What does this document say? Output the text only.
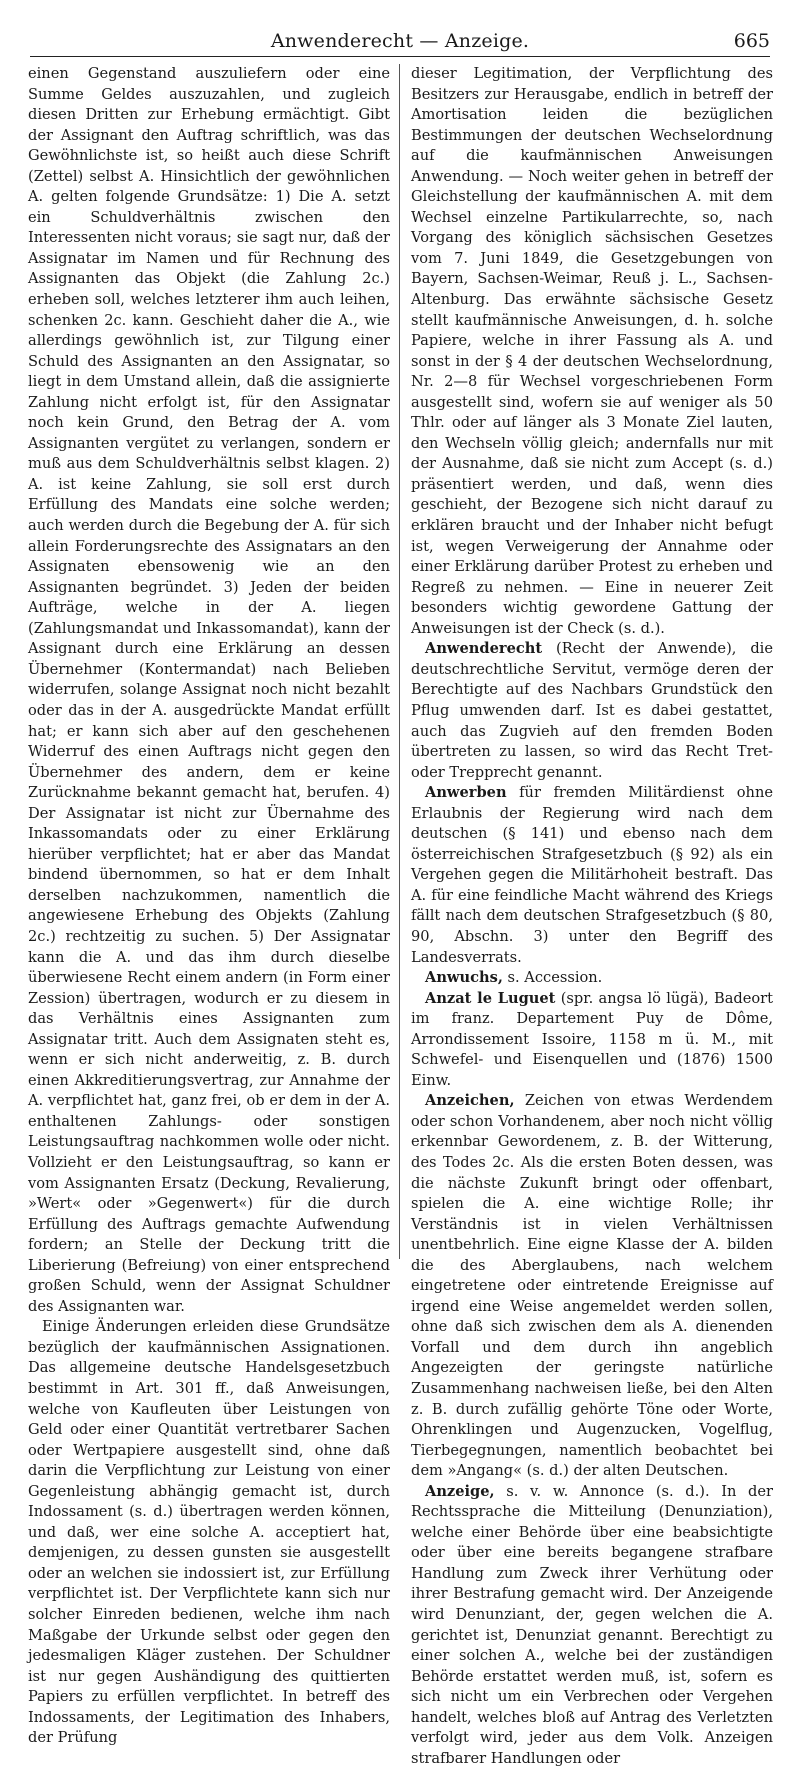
Anwenderecht — Anzeige.	665

einen Gegenstand auszuliefern oder eine Summe Geldes auszuzahlen, und zugleich diesen Dritten zur Erhebung ermächtigt. Gibt der Assignant den Auftrag schriftlich, was das Gewöhnlichste ist, so heißt auch diese Schrift (Zettel) selbst A. Hinsichtlich der gewöhnlichen A. gelten folgende Grundsätze: 1) Die A. setzt ein Schuldverhältnis zwischen den Interessenten nicht voraus; sie sagt nur, daß der Assignatar im Namen und für Rechnung des Assignanten das Objekt (die Zahlung 2c.) erheben soll, welches letzterer ihm auch leihen, schenken 2c. kann. Geschieht daher die A., wie allerdings gewöhnlich ist, zur Tilgung einer Schuld des Assignanten an den Assignatar, so liegt in dem Umstand allein, daß die assignierte Zahlung nicht erfolgt ist, für den Assignatar noch kein Grund, den Betrag der A. vom Assignanten vergütet zu verlangen, sondern er muß aus dem Schuldverhältnis selbst klagen. 2) A. ist keine Zahlung, sie soll erst durch Erfüllung des Mandats eine solche werden; auch werden durch die Begebung der A. für sich allein Forderungsrechte des Assignatars an den Assignaten ebensowenig wie an den Assignanten begründet. 3) Jeden der beiden Aufträge, welche in der A. liegen (Zahlungsmandat und Inkassomandat), kann der Assignant durch eine Erklärung an dessen Übernehmer (Kontermandat) nach Belieben widerrufen, solange Assignat noch nicht bezahlt oder das in der A. ausgedrückte Mandat erfüllt hat; er kann sich aber auf den geschehenen Widerruf des einen Auftrags nicht gegen den Übernehmer des andern, dem er keine Zurücknahme bekannt gemacht hat, berufen. 4) Der Assignatar ist nicht zur Übernahme des Inkassomandats oder zu einer Erklärung hierüber verpflichtet; hat er aber das Mandat bindend übernommen, so hat er dem Inhalt derselben nachzukommen, namentlich die angewiesene Erhebung des Objekts (Zahlung 2c.) rechtzeitig zu suchen. 5) Der Assignatar kann die A. und das ihm durch dieselbe überwiesene Recht einem andern (in Form einer Zession) übertragen, wodurch er zu diesem in das Verhältnis eines Assignanten zum Assignatar tritt. Auch dem Assignaten steht es, wenn er sich nicht anderweitig, z. B. durch einen Akkreditierungsvertrag, zur Annahme der A. verpflichtet hat, ganz frei, ob er dem in der A. enthaltenen Zahlungs- oder sonstigen Leistungsauftrag nachkommen wolle oder nicht. Vollzieht er den Leistungsauftrag, so kann er vom Assignanten Ersatz (Deckung, Revalierung, »Wert« oder »Gegenwert«) für die durch Erfüllung des Auftrags gemachte Aufwendung fordern; an Stelle der Deckung tritt die Liberierung (Befreiung) von einer entsprechend großen Schuld, wenn der Assignat Schuldner des Assignanten war.

Einige Änderungen erleiden diese Grundsätze bezüglich der kaufmännischen Assignationen. Das allgemeine deutsche Handelsgesetzbuch bestimmt in Art. 301 ff., daß Anweisungen, welche von Kaufleuten über Leistungen von Geld oder einer Quantität vertretbarer Sachen oder Wertpapiere ausgestellt sind, ohne daß darin die Verpflichtung zur Leistung von einer Gegenleistung abhängig gemacht ist, durch Indossament (s. d.) übertragen werden können, und daß, wer eine solche A. acceptiert hat, demjenigen, zu dessen gunsten sie ausgestellt oder an welchen sie indossiert ist, zur Erfüllung verpflichtet ist. Der Verpflichtete kann sich nur solcher Einreden bedienen, welche ihm nach Maßgabe der Urkunde selbst oder gegen den jedesmaligen Kläger zustehen. Der Schuldner ist nur gegen Aushändigung des quittierten Papiers zu erfüllen verpflichtet. In betreff des Indossaments, der Legitimation des Inhabers, der Prüfung

dieser Legitimation, der Verpflichtung des Besitzers zur Herausgabe, endlich in betreff der Amortisation leiden die bezüglichen Bestimmungen der deutschen Wechselordnung auf die kaufmännischen Anweisungen Anwendung. — Noch weiter gehen in betreff der Gleichstellung der kaufmännischen A. mit dem Wechsel einzelne Partikularrechte, so, nach Vorgang des königlich sächsischen Gesetzes vom 7. Juni 1849, die Gesetzgebungen von Bayern, Sachsen-Weimar, Reuß j. L., Sachsen-Altenburg. Das erwähnte sächsische Gesetz stellt kaufmännische Anweisungen, d. h. solche Papiere, welche in ihrer Fassung als A. und sonst in der § 4 der deutschen Wechselordnung, Nr. 2—8 für Wechsel vorgeschriebenen Form ausgestellt sind, wofern sie auf weniger als 50 Thlr. oder auf länger als 3 Monate Ziel lauten, den Wechseln völlig gleich; andernfalls nur mit der Ausnahme, daß sie nicht zum Accept (s. d.) präsentiert werden, und daß, wenn dies geschieht, der Bezogene sich nicht darauf zu erklären braucht und der Inhaber nicht befugt ist, wegen Verweigerung der Annahme oder einer Erklärung darüber Protest zu erheben und Regreß zu nehmen. — Eine in neuerer Zeit besonders wichtig gewordene Gattung der Anweisungen ist der Check (s. d.).

Anwenderecht (Recht der Anwende), die deutschrechtliche Servitut, vermöge deren der Berechtigte auf des Nachbars Grundstück den Pflug umwenden darf. Ist es dabei gestattet, auch das Zugvieh auf den fremden Boden übertreten zu lassen, so wird das Recht Tret- oder Trepprecht genannt.

Anwerben für fremden Militärdienst ohne Erlaubnis der Regierung wird nach dem deutschen (§ 141) und ebenso nach dem österreichischen Strafgesetzbuch (§ 92) als ein Vergehen gegen die Militärhoheit bestraft. Das A. für eine feindliche Macht während des Kriegs fällt nach dem deutschen Strafgesetzbuch (§ 80, 90, Abschn. 3) unter den Begriff des Landesverrats.

Anwuchs, s. Accession.

Anzat le Luguet (spr. angsa lö lügä), Badeort im franz. Departement Puy de Dôme, Arrondissement Issoire, 1158 m ü. M., mit Schwefel- und Eisenquellen und (1876) 1500 Einw.

Anzeichen, Zeichen von etwas Werdendem oder schon Vorhandenem, aber noch nicht völlig erkennbar Gewordenem, z. B. der Witterung, des Todes 2c. Als die ersten Boten dessen, was die nächste Zukunft bringt oder offenbart, spielen die A. eine wichtige Rolle; ihr Verständnis ist in vielen Verhältnissen unentbehrlich. Eine eigne Klasse der A. bilden die des Aberglaubens, nach welchem eingetretene oder eintretende Ereignisse auf irgend eine Weise angemeldet werden sollen, ohne daß sich zwischen dem als A. dienenden Vorfall und dem durch ihn angeblich Angezeigten der geringste natürliche Zusammenhang nachweisen ließe, bei den Alten z. B. durch zufällig gehörte Töne oder Worte, Ohrenklingen und Augenzucken, Vogelflug, Tierbegegnungen, namentlich beobachtet bei dem »Angang« (s. d.) der alten Deutschen.

Anzeige, s. v. w. Annonce (s. d.). In der Rechtssprache die Mitteilung (Denunziation), welche einer Behörde über eine beabsichtigte oder über eine bereits begangene strafbare Handlung zum Zweck ihrer Verhütung oder ihrer Bestrafung gemacht wird. Der Anzeigende wird Denunziant, der, gegen welchen die A. gerichtet ist, Denunziat genannt. Berechtigt zu einer solchen A., welche bei der zuständigen Behörde erstattet werden muß, ist, sofern es sich nicht um ein Verbrechen oder Vergehen handelt, welches bloß auf Antrag des Verletzten verfolgt wird, jeder aus dem Volk. Anzeigen strafbarer Handlungen oder
